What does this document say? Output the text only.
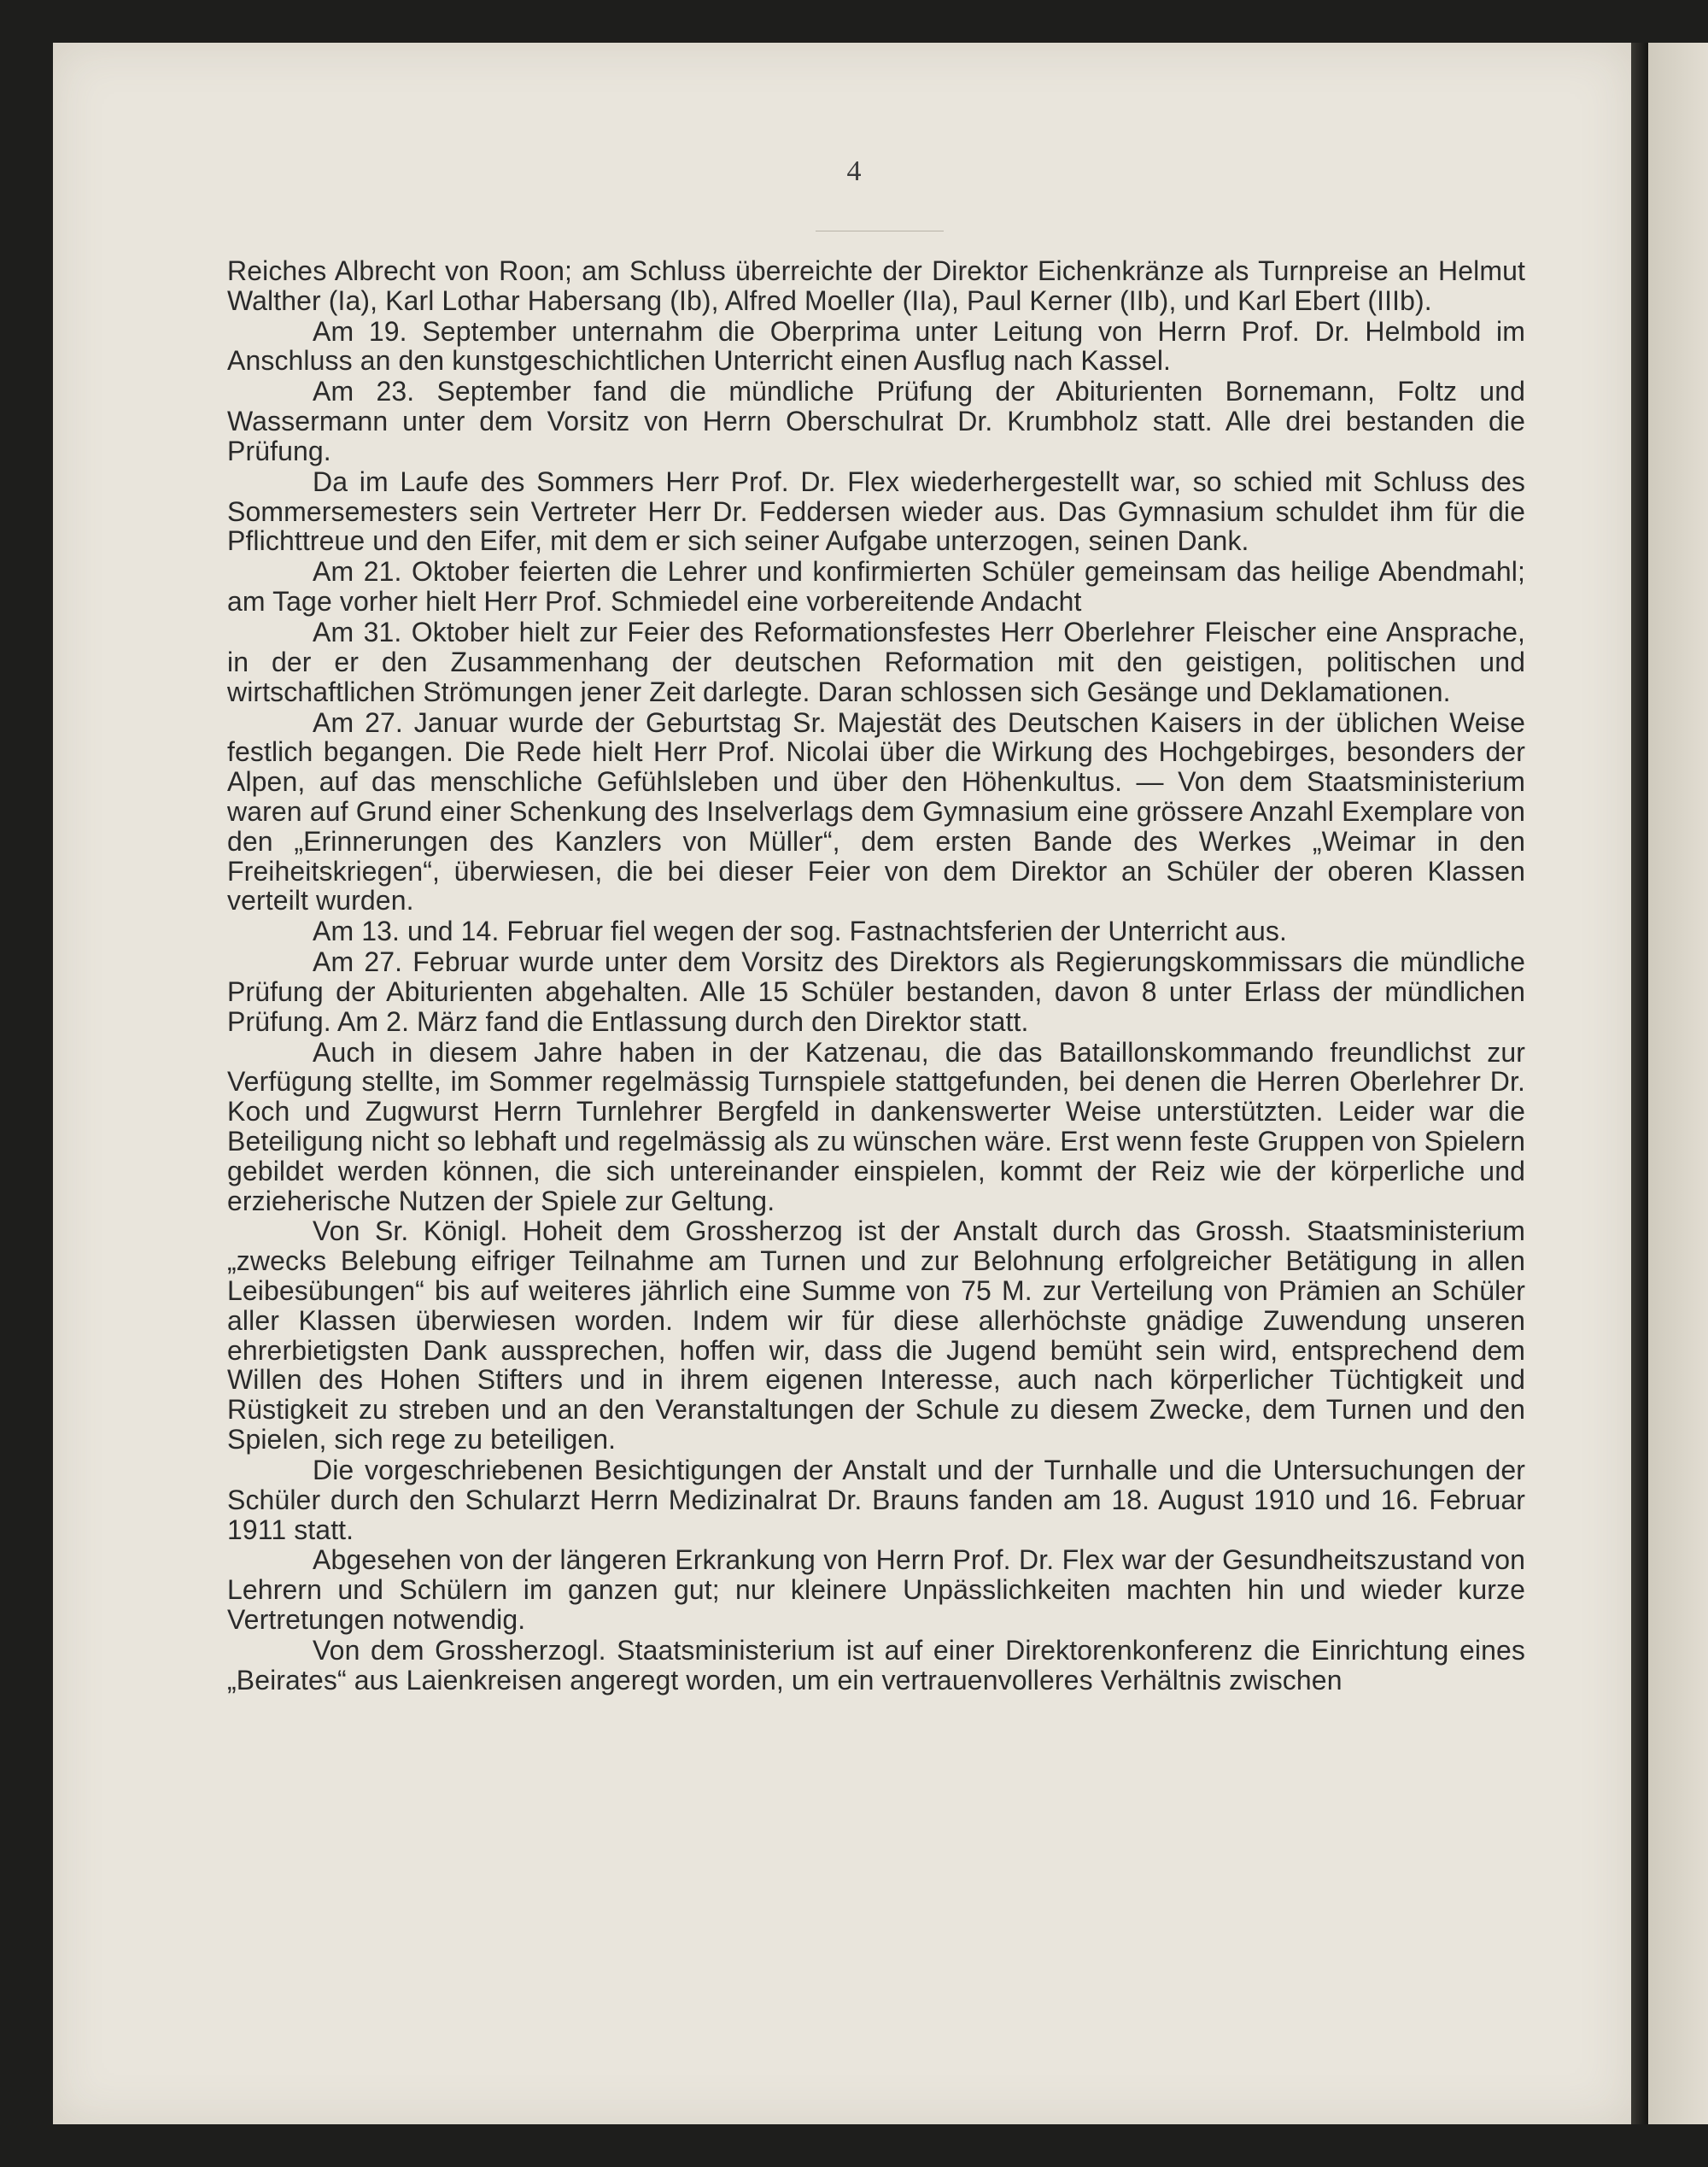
4

Reiches Albrecht von Roon; am Schluss überreichte der Direktor Eichenkränze als Turnpreise an Helmut Walther (Ia), Karl Lothar Habersang (Ib), Alfred Moeller (IIa), Paul Kerner (IIb), und Karl Ebert (IIIb).

Am 19. September unternahm die Oberprima unter Leitung von Herrn Prof. Dr. Helmbold im Anschluss an den kunstgeschichtlichen Unterricht einen Ausflug nach Kassel.

Am 23. September fand die mündliche Prüfung der Abiturienten Bornemann, Foltz und Wassermann unter dem Vorsitz von Herrn Oberschulrat Dr. Krumbholz statt. Alle drei bestanden die Prüfung.

Da im Laufe des Sommers Herr Prof. Dr. Flex wiederhergestellt war, so schied mit Schluss des Sommersemesters sein Vertreter Herr Dr. Feddersen wieder aus. Das Gymnasium schuldet ihm für die Pflichttreue und den Eifer, mit dem er sich seiner Aufgabe unterzogen, seinen Dank.

Am 21. Oktober feierten die Lehrer und konfirmierten Schüler gemeinsam das heilige Abendmahl; am Tage vorher hielt Herr Prof. Schmiedel eine vorbereitende Andacht

Am 31. Oktober hielt zur Feier des Reformationsfestes Herr Oberlehrer Fleischer eine Ansprache, in der er den Zusammenhang der deutschen Reformation mit den geistigen, politischen und wirtschaftlichen Strömungen jener Zeit darlegte. Daran schlossen sich Gesänge und Deklamationen.

Am 27. Januar wurde der Geburtstag Sr. Majestät des Deutschen Kaisers in der üblichen Weise festlich begangen. Die Rede hielt Herr Prof. Nicolai über die Wirkung des Hochgebirges, besonders der Alpen, auf das menschliche Gefühlsleben und über den Höhenkultus. — Von dem Staatsministerium waren auf Grund einer Schenkung des Inselverlags dem Gymnasium eine grössere Anzahl Exemplare von den „Erinnerungen des Kanzlers von Müller“, dem ersten Bande des Werkes „Weimar in den Freiheitskriegen“, überwiesen, die bei dieser Feier von dem Direktor an Schüler der oberen Klassen verteilt wurden.

Am 13. und 14. Februar fiel wegen der sog. Fastnachtsferien der Unterricht aus.

Am 27. Februar wurde unter dem Vorsitz des Direktors als Regierungskommissars die mündliche Prüfung der Abiturienten abgehalten. Alle 15 Schüler bestanden, davon 8 unter Erlass der mündlichen Prüfung. Am 2. März fand die Entlassung durch den Direktor statt.

Auch in diesem Jahre haben in der Katzenau, die das Bataillonskommando freundlichst zur Verfügung stellte, im Sommer regelmässig Turnspiele stattgefunden, bei denen die Herren Oberlehrer Dr. Koch und Zugwurst Herrn Turnlehrer Bergfeld in dankenswerter Weise unterstützten. Leider war die Beteiligung nicht so lebhaft und regelmässig als zu wünschen wäre. Erst wenn feste Gruppen von Spielern gebildet werden können, die sich untereinander einspielen, kommt der Reiz wie der körperliche und erzieherische Nutzen der Spiele zur Geltung.

Von Sr. Königl. Hoheit dem Grossherzog ist der Anstalt durch das Grossh. Staatsministerium „zwecks Belebung eifriger Teilnahme am Turnen und zur Belohnung erfolgreicher Betätigung in allen Leibesübungen“ bis auf weiteres jährlich eine Summe von 75 M. zur Verteilung von Prämien an Schüler aller Klassen überwiesen worden. Indem wir für diese allerhöchste gnädige Zuwendung unseren ehrerbietigsten Dank aussprechen, hoffen wir, dass die Jugend bemüht sein wird, entsprechend dem Willen des Hohen Stifters und in ihrem eigenen Interesse, auch nach körperlicher Tüchtigkeit und Rüstigkeit zu streben und an den Veranstaltungen der Schule zu diesem Zwecke, dem Turnen und den Spielen, sich rege zu beteiligen.

Die vorgeschriebenen Besichtigungen der Anstalt und der Turnhalle und die Untersuchungen der Schüler durch den Schularzt Herrn Medizinalrat Dr. Brauns fanden am 18. August 1910 und 16. Februar 1911 statt.

Abgesehen von der längeren Erkrankung von Herrn Prof. Dr. Flex war der Gesundheitszustand von Lehrern und Schülern im ganzen gut; nur kleinere Unpässlichkeiten machten hin und wieder kurze Vertretungen notwendig.

Von dem Grossherzogl. Staatsministerium ist auf einer Direktorenkonferenz die Einrichtung eines „Beirates“ aus Laienkreisen angeregt worden, um ein vertrauenvolleres Verhältnis zwischen
